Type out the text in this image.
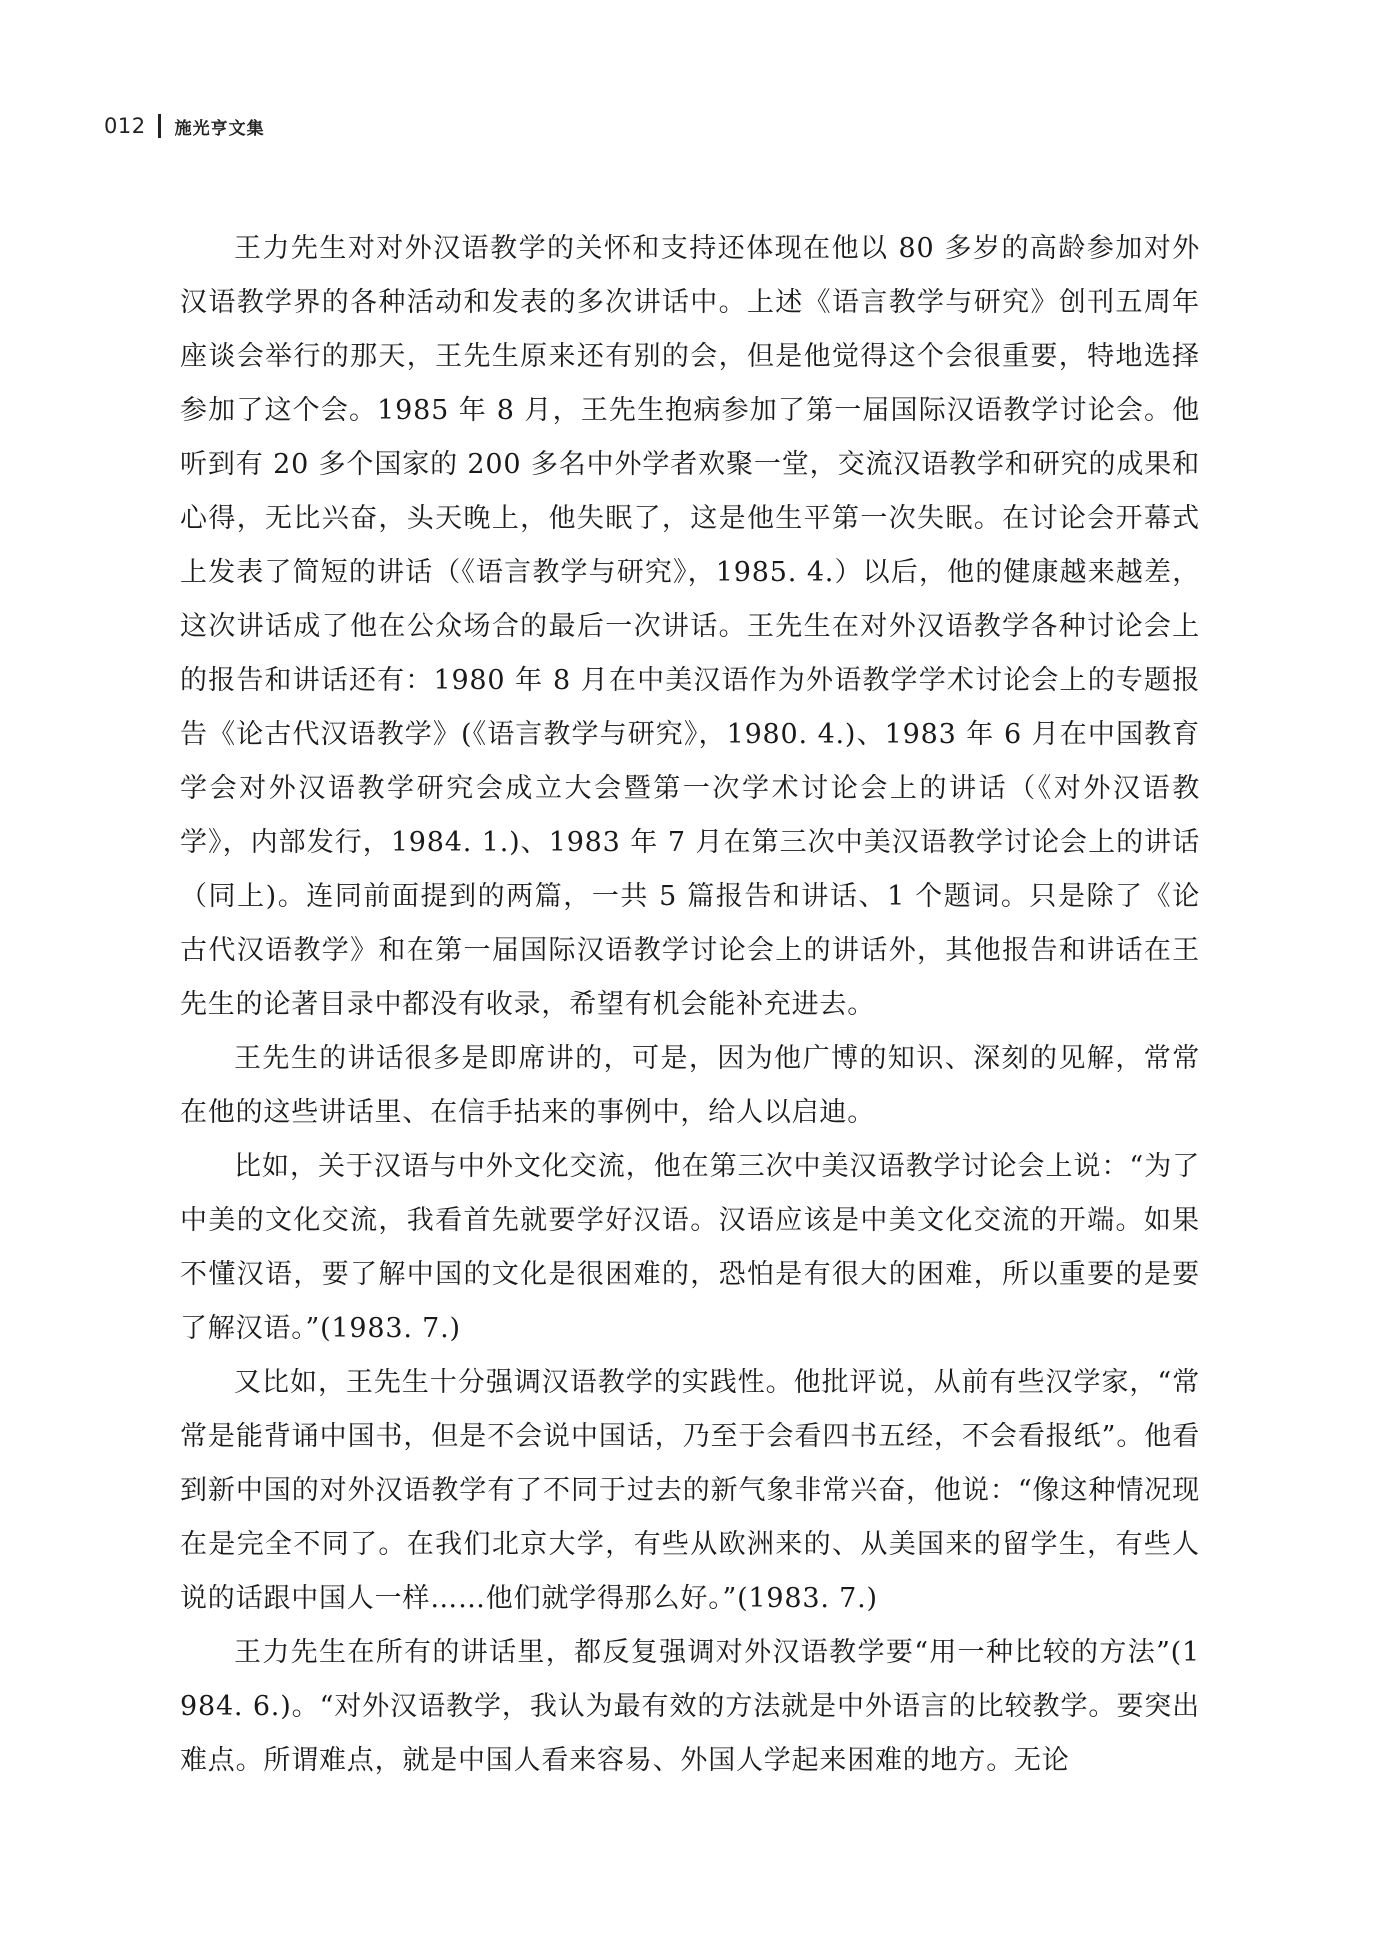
012 施光亨文集

王力先生对对外汉语教学的关怀和支持还体现在他以 80 多岁的高龄参加对外汉语教学界的各种活动和发表的多次讲话中。上述《语言教学与研究》创刊五周年座谈会举行的那天，王先生原来还有别的会，但是他觉得这个会很重要，特地选择参加了这个会。1985 年 8 月，王先生抱病参加了第一届国际汉语教学讨论会。他听到有 20 多个国家的 200 多名中外学者欢聚一堂，交流汉语教学和研究的成果和心得，无比兴奋，头天晚上，他失眠了，这是他生平第一次失眠。在讨论会开幕式上发表了简短的讲话（《语言教学与研究》，1985. 4.）以后，他的健康越来越差，这次讲话成了他在公众场合的最后一次讲话。王先生在对外汉语教学各种讨论会上的报告和讲话还有：1980 年 8 月在中美汉语作为外语教学学术讨论会上的专题报告《论古代汉语教学》(《语言教学与研究》，1980. 4.)、1983 年 6 月在中国教育学会对外汉语教学研究会成立大会暨第一次学术讨论会上的讲话（《对外汉语教学》，内部发行，1984. 1.)、1983 年 7 月在第三次中美汉语教学讨论会上的讲话（同上)。连同前面提到的两篇，一共 5 篇报告和讲话、1 个题词。只是除了《论古代汉语教学》和在第一届国际汉语教学讨论会上的讲话外，其他报告和讲话在王先生的论著目录中都没有收录，希望有机会能补充进去。

王先生的讲话很多是即席讲的，可是，因为他广博的知识、深刻的见解，常常在他的这些讲话里、在信手拈来的事例中，给人以启迪。

比如，关于汉语与中外文化交流，他在第三次中美汉语教学讨论会上说：“为了中美的文化交流，我看首先就要学好汉语。汉语应该是中美文化交流的开端。如果不懂汉语，要了解中国的文化是很困难的，恐怕是有很大的困难，所以重要的是要了解汉语。”(1983. 7.)

又比如，王先生十分强调汉语教学的实践性。他批评说，从前有些汉学家，“常常是能背诵中国书，但是不会说中国话，乃至于会看四书五经，不会看报纸”。他看到新中国的对外汉语教学有了不同于过去的新气象非常兴奋，他说：“像这种情况现在是完全不同了。在我们北京大学，有些从欧洲来的、从美国来的留学生，有些人说的话跟中国人一样……他们就学得那么好。”(1983. 7.)

王力先生在所有的讲话里，都反复强调对外汉语教学要“用一种比较的方法”(1984. 6.)。“对外汉语教学，我认为最有效的方法就是中外语言的比较教学。要突出难点。所谓难点，就是中国人看来容易、外国人学起来困难的地方。无论
